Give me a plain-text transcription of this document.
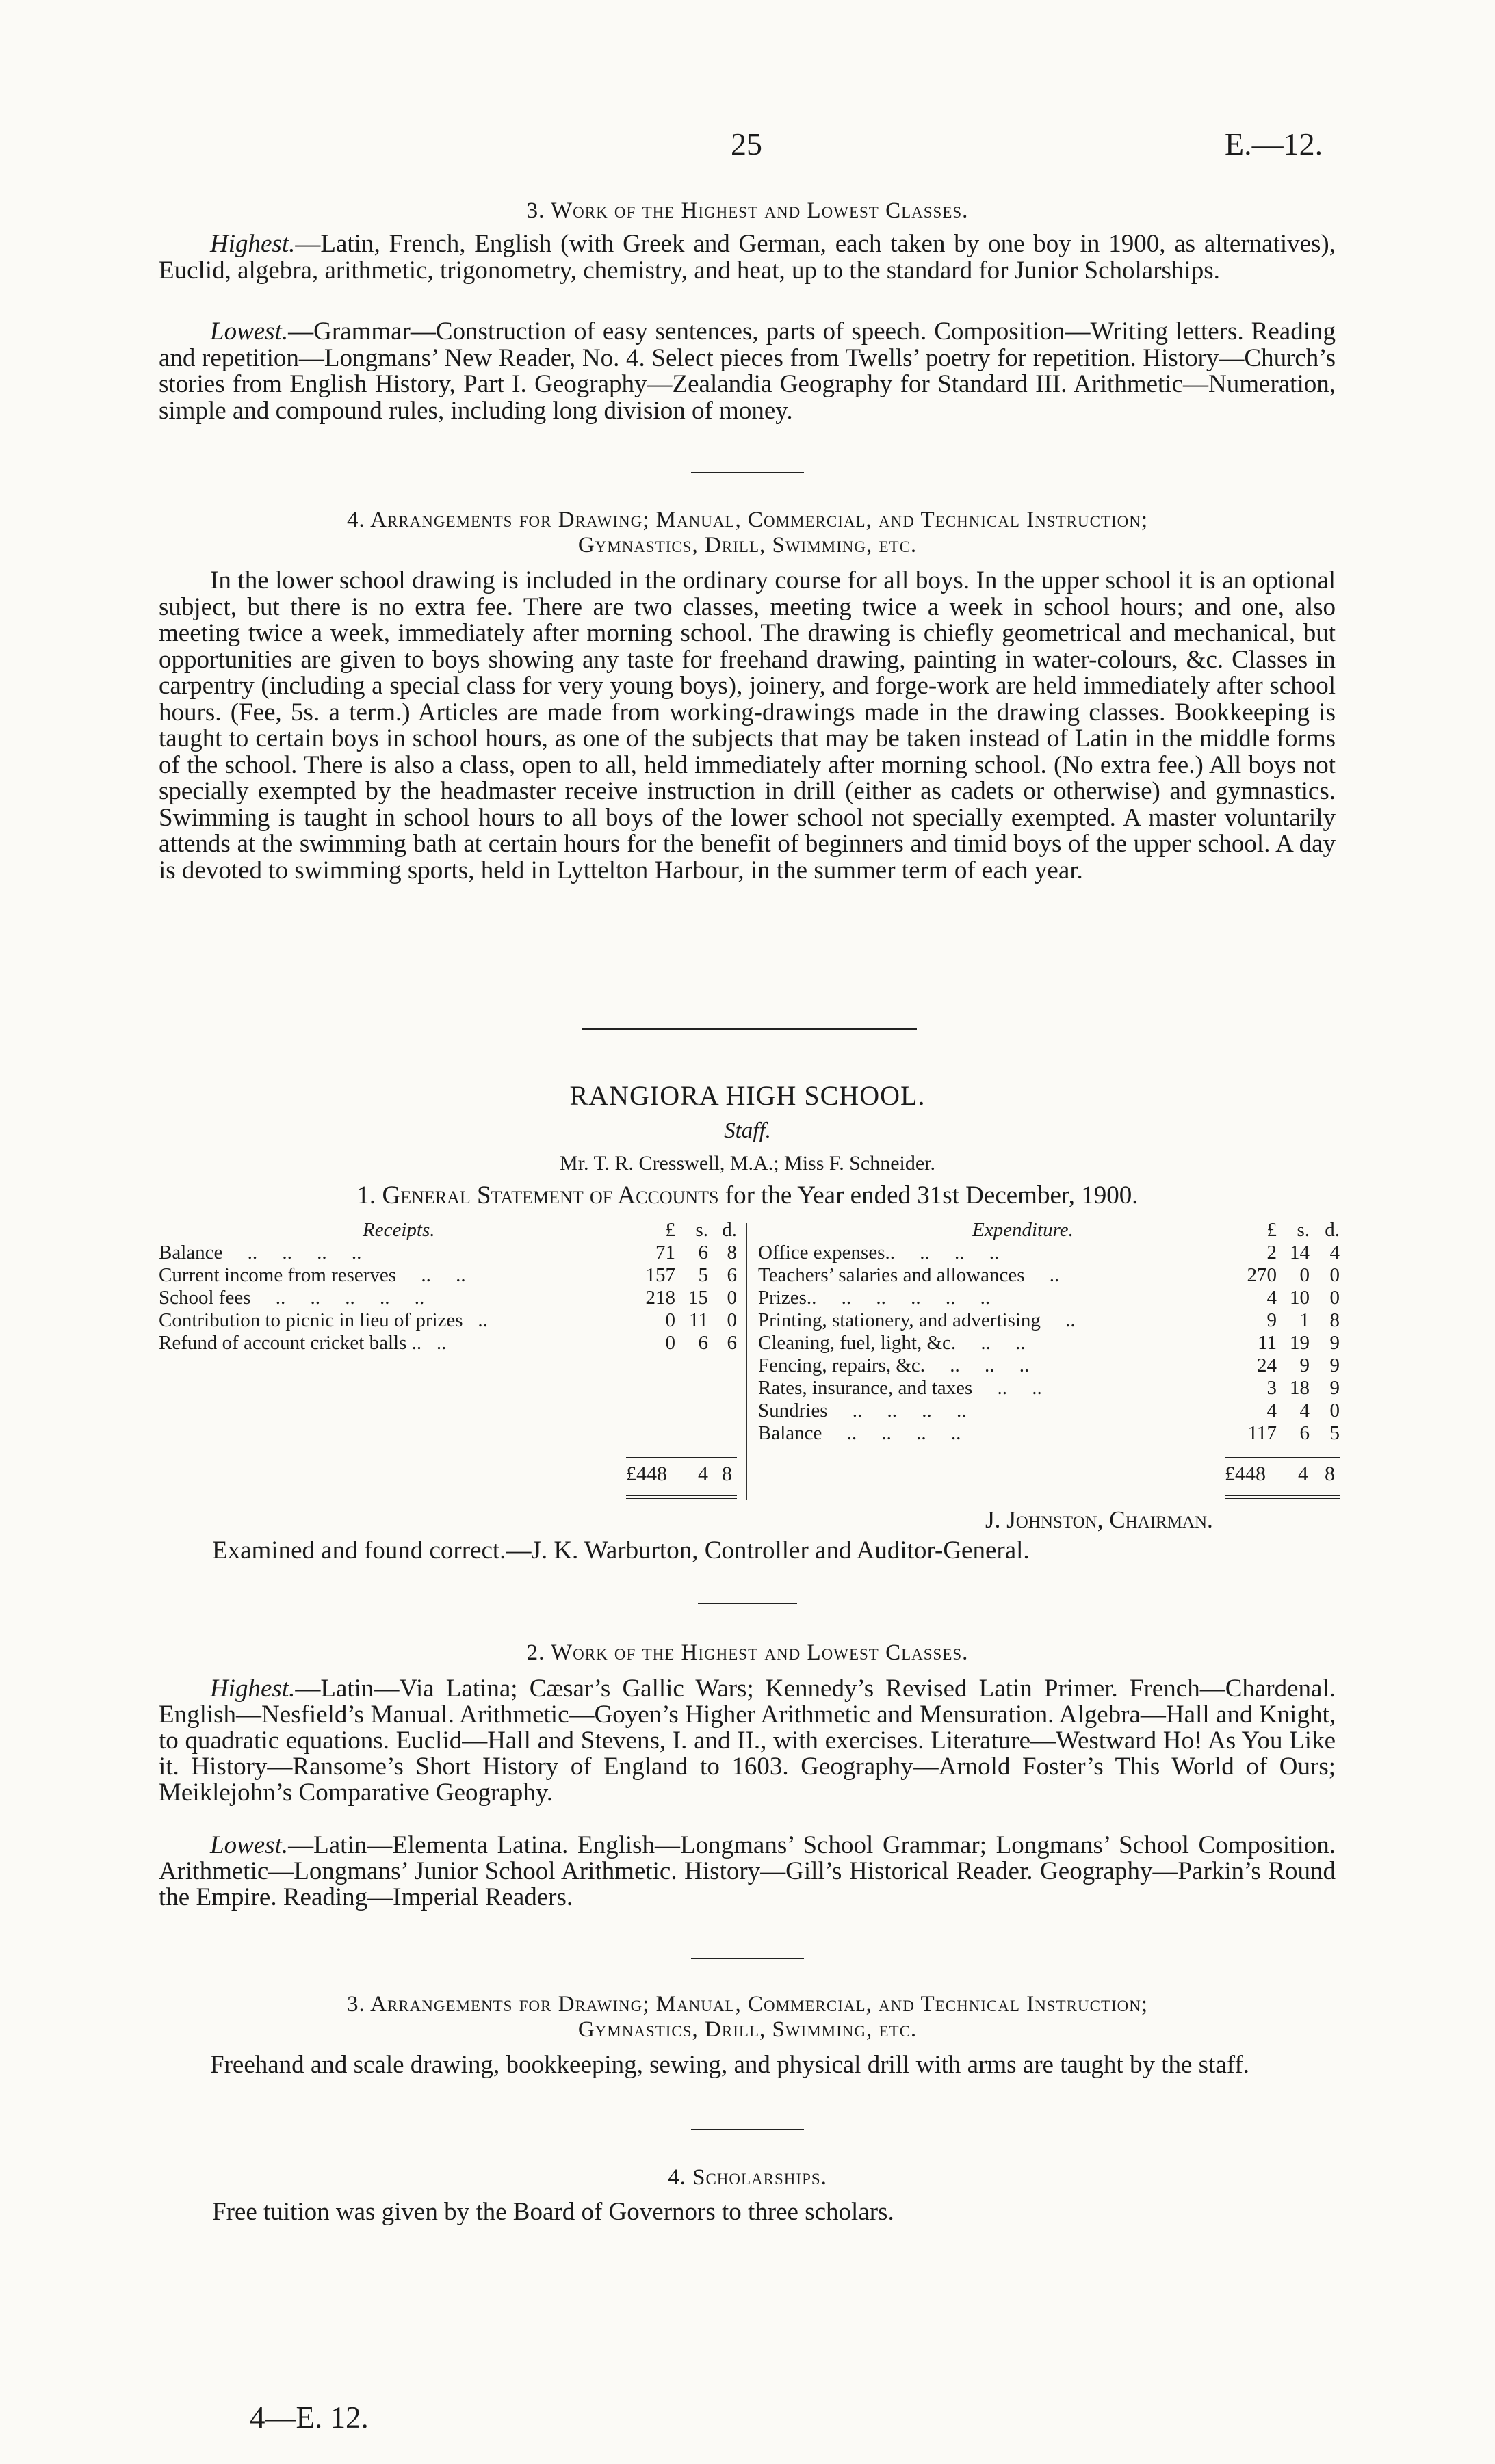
25	E.—12.
3. Work of the Highest and Lowest Classes.
Highest.—Latin, French, English (with Greek and German, each taken by one boy in 1900, as alternatives), Euclid, algebra, arithmetic, trigonometry, chemistry, and heat, up to the standard for Junior Scholarships.
Lowest.—Grammar—Construction of easy sentences, parts of speech. Composition—Writing letters. Reading and repetition—Longmans’ New Reader, No. 4. Select pieces from Twells’ poetry for repetition. History—Church’s stories from English History, Part I. Geography—Zealandia Geography for Standard III. Arithmetic—Numeration, simple and compound rules, including long division of money.
4. Arrangements for Drawing; Manual, Commercial, and Technical Instruction;
Gymnastics, Drill, Swimming, etc.
In the lower school drawing is included in the ordinary course for all boys. In the upper school it is an optional subject, but there is no extra fee. There are two classes, meeting twice a week in school hours; and one, also meeting twice a week, immediately after morning school. The drawing is chiefly geometrical and mechanical, but opportunities are given to boys showing any taste for freehand drawing, painting in water-colours, &c. Classes in carpentry (including a special class for very young boys), joinery, and forge-work are held immediately after school hours. (Fee, 5s. a term.) Articles are made from working-drawings made in the drawing classes. Bookkeeping is taught to certain boys in school hours, as one of the subjects that may be taken instead of Latin in the middle forms of the school. There is also a class, open to all, held immediately after morning school. (No extra fee.) All boys not specially exempted by the headmaster receive instruction in drill (either as cadets or otherwise) and gymnastics. Swimming is taught in school hours to all boys of the lower school not specially exempted. A master voluntarily attends at the swimming bath at certain hours for the benefit of beginners and timid boys of the upper school. A day is devoted to swimming sports, held in Lyttelton Harbour, in the summer term of each year.
RANGIORA HIGH SCHOOL.
Staff.
Mr. T. R. Cresswell, M.A.; Miss F. Schneider.
1. General Statement of Accounts for the Year ended 31st December, 1900.
Receipts.	£	s.	d.
Balance ..     ..     ..     ..	71	6	8
Current income from reserves ..     ..	157	5	6
School fees ..     ..     ..     ..     ..	218	15	0
Contribution to picnic in lieu of prizes ..	0	11	0
Refund of account cricket balls .. ..	0	6	6
£448 4 8
Expenditure.	£	s.	d.
Office expenses.. ..     ..     ..	2	14	4
Teachers’ salaries and allowances ..	270	0	0
Prizes.. ..     ..     ..     ..     ..	4	10	0
Printing, stationery, and advertising ..	9	1	8
Cleaning, fuel, light, &c. ..     ..	11	19	9
Fencing, repairs, &c. ..     ..     ..	24	9	9
Rates, insurance, and taxes ..     ..	3	18	9
Sundries ..     ..     ..     ..	4	4	0
Balance ..     ..     ..     ..	117	6	5
£448 4 8
J. Johnston, Chairman.
Examined and found correct.—J. K. Warburton, Controller and Auditor-General.
2. Work of the Highest and Lowest Classes.
Highest.—Latin—Via Latina; Cæsar’s Gallic Wars; Kennedy’s Revised Latin Primer. French—Chardenal. English—Nesfield’s Manual. Arithmetic—Goyen’s Higher Arithmetic and Mensuration. Algebra—Hall and Knight, to quadratic equations. Euclid—Hall and Stevens, I. and II., with exercises. Literature—Westward Ho! As You Like it. History—Ransome’s Short History of England to 1603. Geography—Arnold Foster’s This World of Ours; Meiklejohn’s Comparative Geography.
Lowest.—Latin—Elementa Latina. English—Longmans’ School Grammar; Longmans’ School Composition. Arithmetic—Longmans’ Junior School Arithmetic. History—Gill’s Historical Reader. Geography—Parkin’s Round the Empire. Reading—Imperial Readers.
3. Arrangements for Drawing; Manual, Commercial, and Technical Instruction;
Gymnastics, Drill, Swimming, etc.
Freehand and scale drawing, bookkeeping, sewing, and physical drill with arms are taught by the staff.
4. Scholarships.
Free tuition was given by the Board of Governors to three scholars.
4—E. 12.
